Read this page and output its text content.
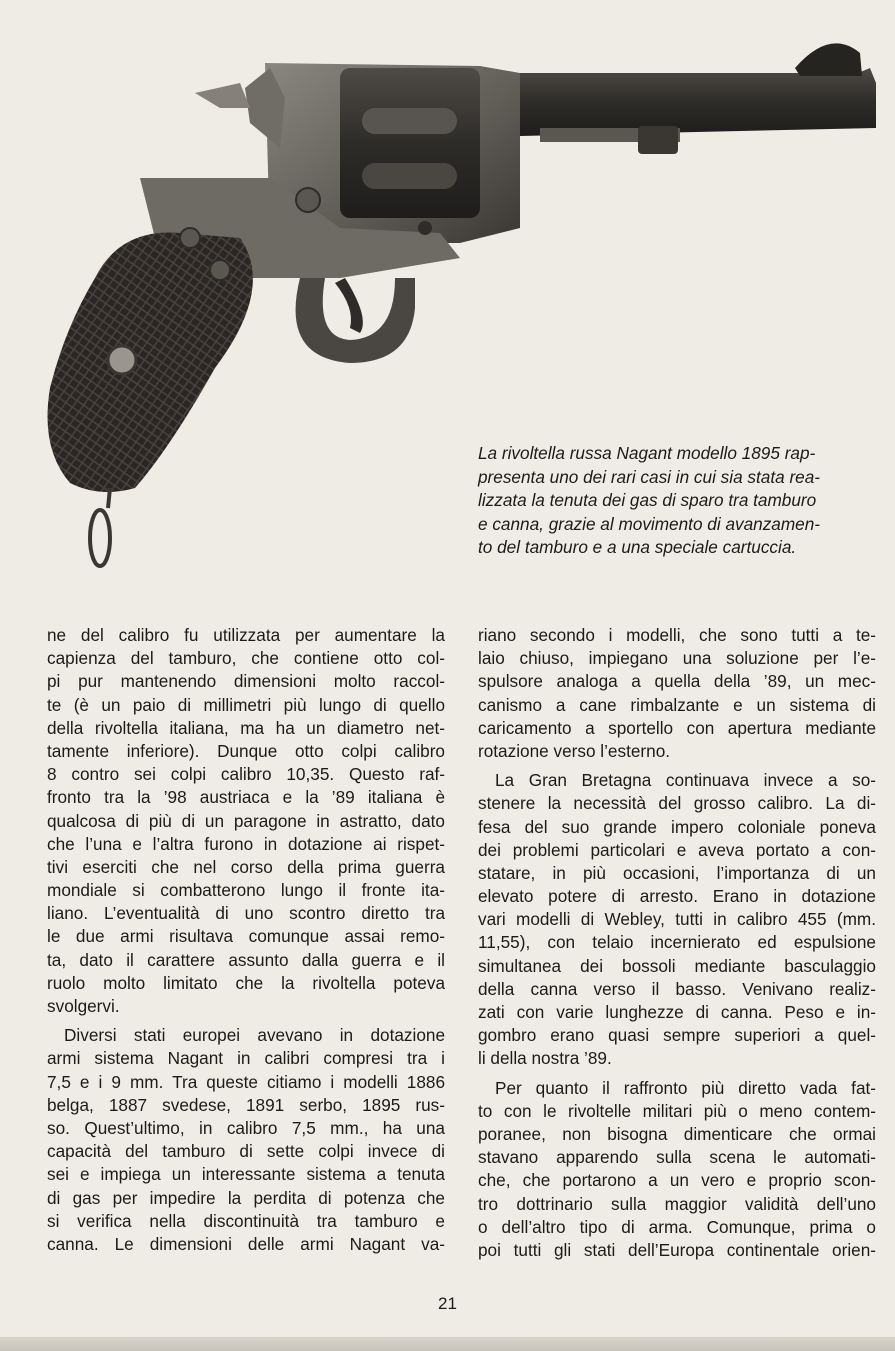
La rivoltella russa Nagant modello 1895 rap-
presenta uno dei rari casi in cui sia stata rea-
lizzata la tenuta dei gas di sparo tra tamburo
e canna, grazie al movimento di avanzamen-
to del tamburo e a una speciale cartuccia.
ne del calibro fu utilizzata per aumentare la
capienza del tamburo, che contiene otto col-
pi pur mantenendo dimensioni molto raccol-
te (è un paio di millimetri più lungo di quello
della rivoltella italiana, ma ha un diametro net-
tamente inferiore). Dunque otto colpi calibro
8 contro sei colpi calibro 10,35. Questo raf-
fronto tra la ’98 austriaca e la ’89 italiana è
qualcosa di più di un paragone in astratto, dato
che l’una e l’altra furono in dotazione ai rispet-
tivi eserciti che nel corso della prima guerra
mondiale si combatterono lungo il fronte ita-
liano. L’eventualità di uno scontro diretto tra
le due armi risultava comunque assai remo-
ta, dato il carattere assunto dalla guerra e il
ruolo molto limitato che la rivoltella poteva
svolgervi.
Diversi stati europei avevano in dotazione
armi sistema Nagant in calibri compresi tra i
7,5 e i 9 mm. Tra queste citiamo i modelli 1886
belga, 1887 svedese, 1891 serbo, 1895 rus-
so. Quest’ultimo, in calibro 7,5 mm., ha una
capacità del tamburo di sette colpi invece di
sei e impiega un interessante sistema a tenuta
di gas per impedire la perdita di potenza che
si verifica nella discontinuità tra tamburo e
canna. Le dimensioni delle armi Nagant va-
riano secondo i modelli, che sono tutti a te-
laio chiuso, impiegano una soluzione per l’e-
spulsore analoga a quella della ’89, un mec-
canismo a cane rimbalzante e un sistema di
caricamento a sportello con apertura mediante
rotazione verso l’esterno.
La Gran Bretagna continuava invece a so-
stenere la necessità del grosso calibro. La di-
fesa del suo grande impero coloniale poneva
dei problemi particolari e aveva portato a con-
statare, in più occasioni, l’importanza di un
elevato potere di arresto. Erano in dotazione
vari modelli di Webley, tutti in calibro 455 (mm.
11,55), con telaio incernierato ed espulsione
simultanea dei bossoli mediante basculaggio
della canna verso il basso. Venivano realiz-
zati con varie lunghezze di canna. Peso e in-
gombro erano quasi sempre superiori a quel-
li della nostra ’89.
Per quanto il raffronto più diretto vada fat-
to con le rivoltelle militari più o meno contem-
poranee, non bisogna dimenticare che ormai
stavano apparendo sulla scena le automati-
che, che portarono a un vero e proprio scon-
tro dottrinario sulla maggior validità dell’uno
o dell’altro tipo di arma. Comunque, prima o
poi tutti gli stati dell’Europa continentale orien-
21
